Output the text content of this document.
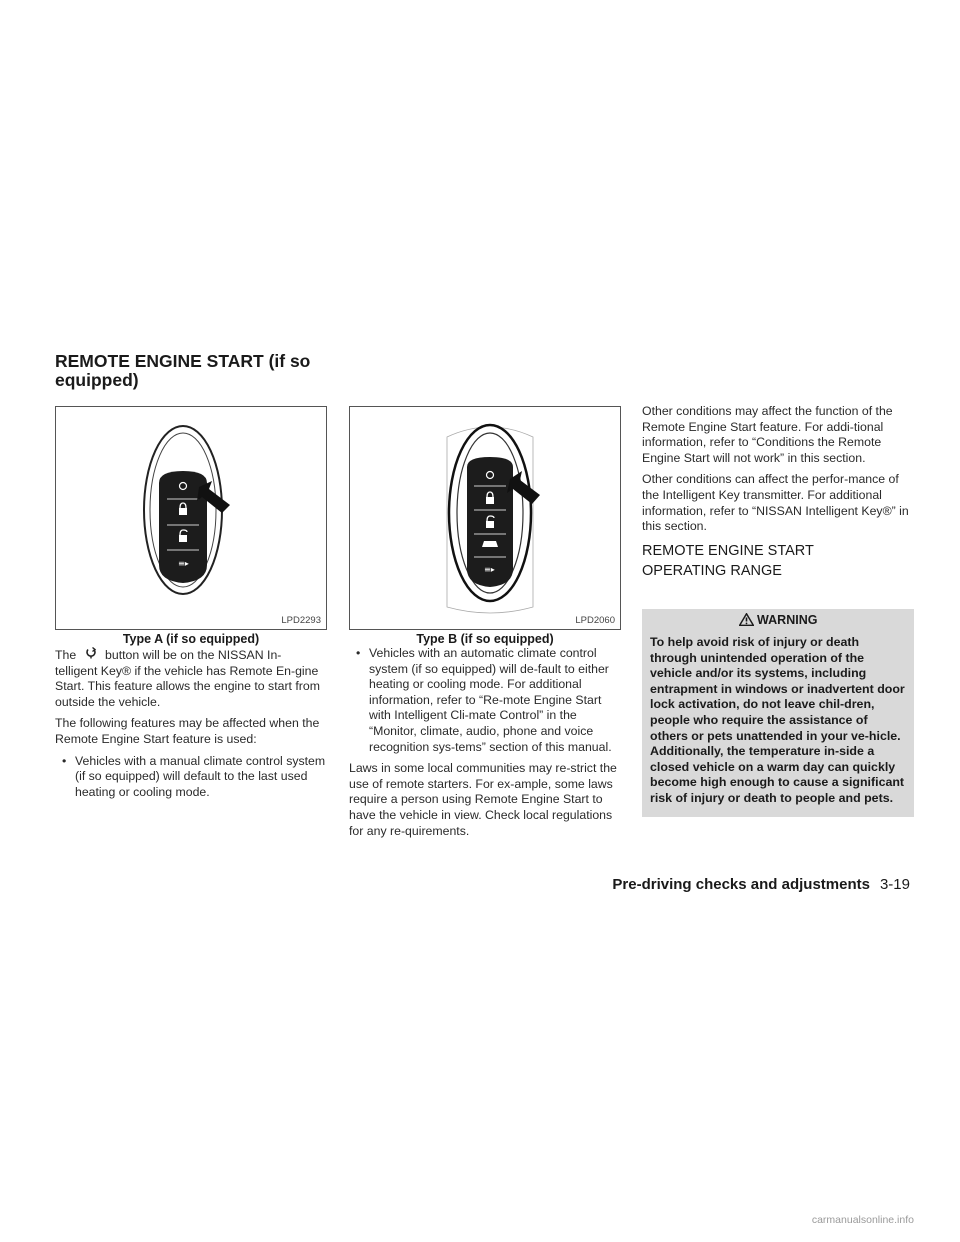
REMOTE ENGINE START (if so
equipped)
≡▸
LPD2293
Type A (if so equipped)
≡▸
LPD2060
Type B (if so equipped)

The button will be on the NISSAN In- telligent Key® if the vehicle has Remote En-gine Start. This feature allows the engine to start from outside the vehicle.

The following features may be affected when the Remote Engine Start feature is used:

• Vehicles with a manual climate control system (if so equipped) will default to the last used heating or cooling mode.
• Vehicles with an automatic climate control system (if so equipped) will de-fault to either heating or cooling mode. For additional information, refer to “Re-mote Engine Start with Intelligent Cli-mate Control” in the “Monitor, climate, audio, phone and voice recognition sys-tems” section of this manual.

Laws in some local communities may re-strict the use of remote starters. For ex-ample, some laws require a person using Remote Engine Start to have the vehicle in view. Check local regulations for any re-quirements.

Other conditions may affect the function of the Remote Engine Start feature. For addi-tional information, refer to “Conditions the Remote Engine Start will not work” in this section.

Other conditions can affect the perfor-mance of the Intelligent Key transmitter. For additional information, refer to “NISSAN Intelligent Key®” in this section.

REMOTE ENGINE START
OPERATING RANGE
WARNING
To help avoid risk of injury or death through unintended operation of the vehicle and/or its systems, including entrapment in windows or inadvertent door lock activation, do not leave chil-dren, people who require the assistance of others or pets unattended in your ve-hicle. Additionally, the temperature in-side a closed vehicle on a warm day can quickly become high enough to cause a significant risk of injury or death to people and pets.
Pre-driving checks and adjustments 3-19
carmanualsonline.info
